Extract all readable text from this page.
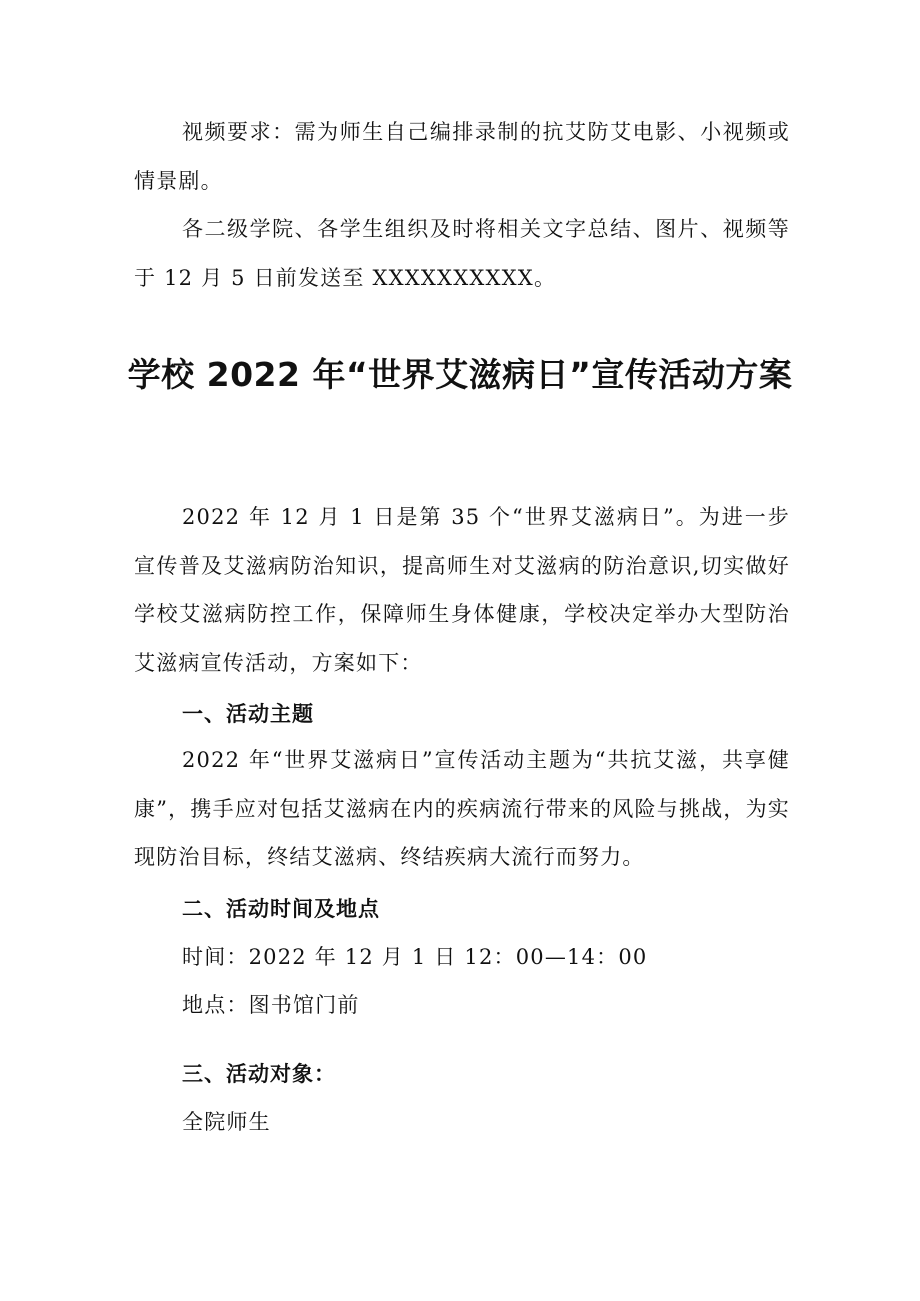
视频要求：需为师生自己编排录制的抗艾防艾电影、小视频或情景剧。

各二级学院、各学生组织及时将相关文字总结、图片、视频等于 12 月 5 日前发送至 XXXXXXXXXX。

学校 2022 年“世界艾滋病日”宣传活动方案

2022 年 12 月 1 日是第 35 个“世界艾滋病日”。为进一步宣传普及艾滋病防治知识，提高师生对艾滋病的防治意识,切实做好学校艾滋病防控工作，保障师生身体健康，学校决定举办大型防治艾滋病宣传活动，方案如下：

一、活动主题

2022 年“世界艾滋病日”宣传活动主题为“共抗艾滋，共享健康”，携手应对包括艾滋病在内的疾病流行带来的风险与挑战，为实现防治目标，终结艾滋病、终结疾病大流行而努力。

二、活动时间及地点

时间：2022 年 12 月 1 日 12：00—14：00

地点：图书馆门前

三、活动对象：

全院师生
